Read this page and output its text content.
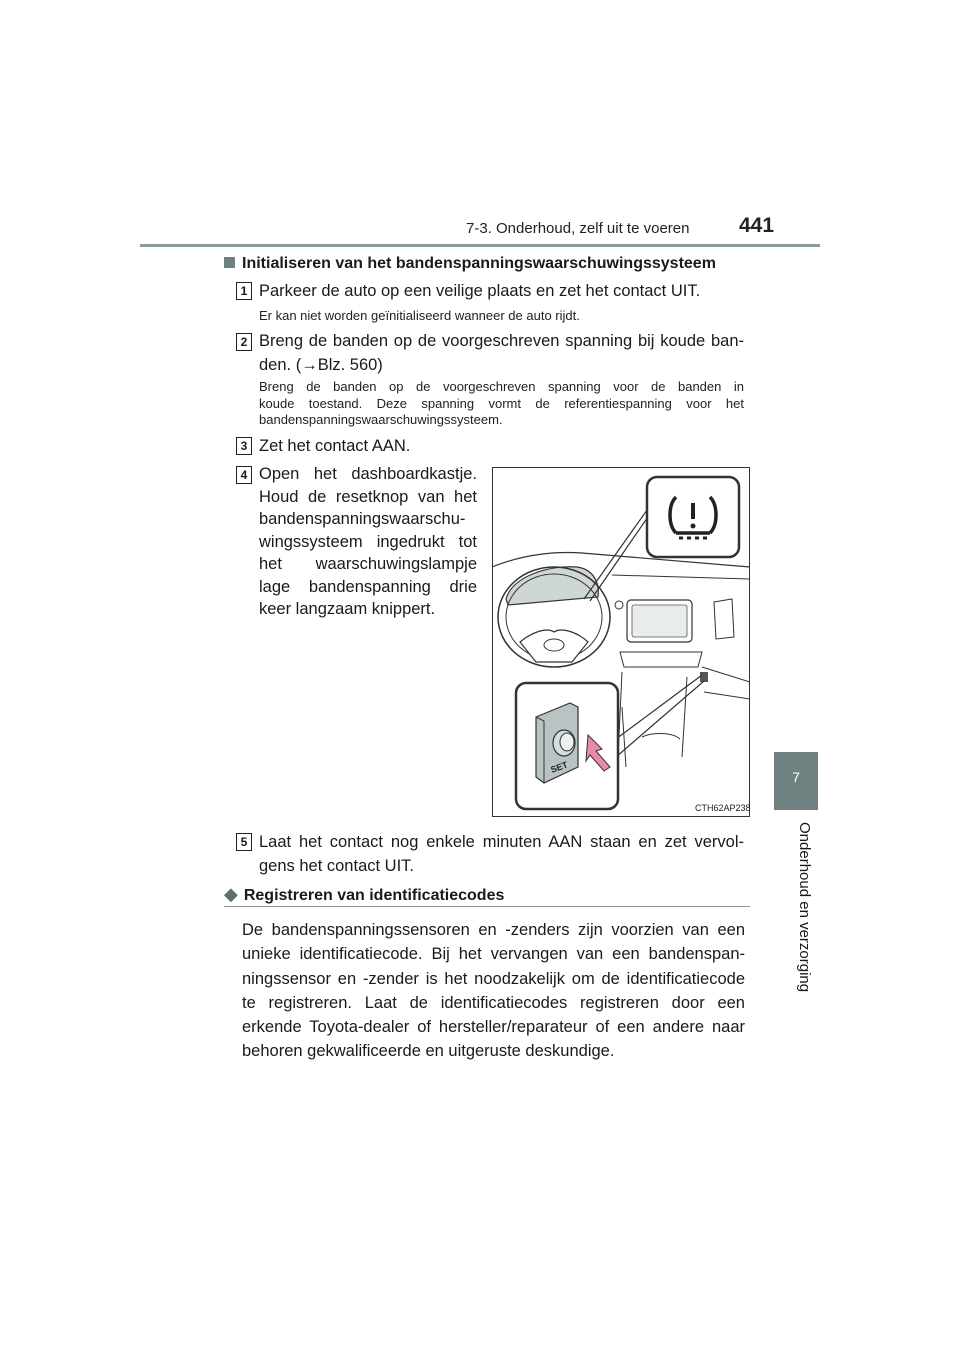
7-3. Onderhoud, zelf uit te voeren 441
7
Onderhoud en verzorging
Initialiseren van het bandenspanningswaarschuwingssysteem
1 Parkeer de auto op een veilige plaats en zet het contact UIT.
Er kan niet worden geïnitialiseerd wanneer de auto rijdt.
2 Breng de banden op de voorgeschreven spanning bij koude ban-
den. (→Blz. 560)
Breng de banden op de voorgeschreven spanning voor de banden in
koude toestand. Deze spanning vormt de referentiespanning voor het
bandenspanningswaarschuwingssysteem.
3 Zet het contact AAN.
4 Open het dashboardkastje.
Houd de resetknop van het
bandenspanningswaarschu-
wingssysteem ingedrukt tot
het waarschuwingslampje
lage bandenspanning drie
keer langzaam knippert.
SET
CTH62AP238
5 Laat het contact nog enkele minuten AAN staan en zet vervol-
gens het contact UIT.
◆ Registreren van identificatiecodes
De bandenspanningssensoren en -zenders zijn voorzien van een
unieke identificatiecode. Bij het vervangen van een bandenspan-
ningssensor en -zender is het noodzakelijk om de identificatiecode
te registreren. Laat de identificatiecodes registreren door een
erkende Toyota-dealer of hersteller/reparateur of een andere naar
behoren gekwalificeerde en uitgeruste deskundige.
